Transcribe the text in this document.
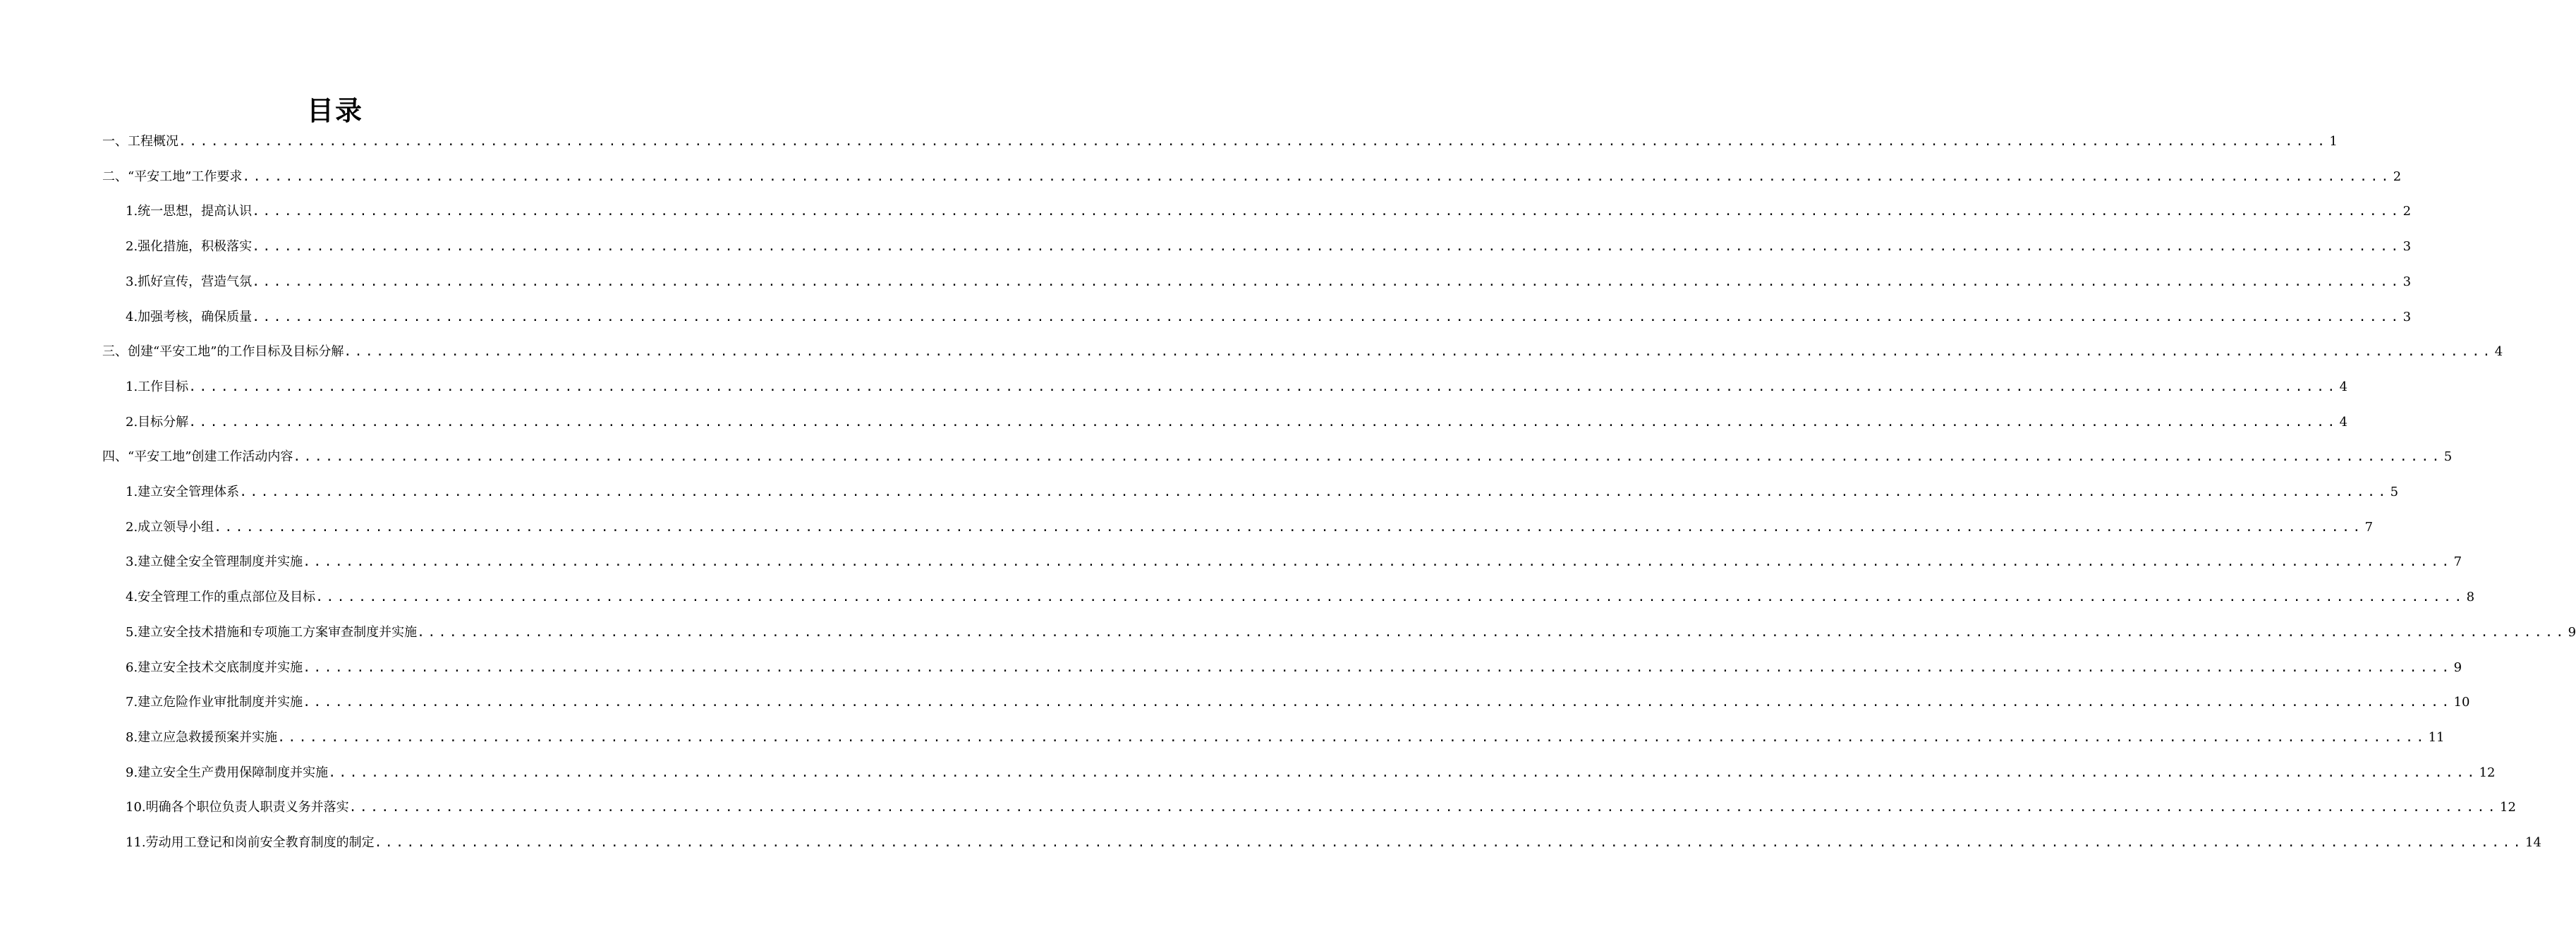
目录
一、工程概况 ........................................................................................................................................................................................................ 1
二、“平安工地”工作要求 ........................................................................................................................................................................................................ 2
1.统一思想，提高认识 ........................................................................................................................................................................................................ 2
2.强化措施，积极落实 ........................................................................................................................................................................................................ 3
3.抓好宣传，营造气氛 ........................................................................................................................................................................................................ 3
4.加强考核，确保质量 ........................................................................................................................................................................................................ 3
三、创建“平安工地”的工作目标及目标分解 ........................................................................................................................................................................................................ 4
1.工作目标 ........................................................................................................................................................................................................ 4
2.目标分解 ........................................................................................................................................................................................................ 4
四、“平安工地”创建工作活动内容 ........................................................................................................................................................................................................ 5
1.建立安全管理体系 ........................................................................................................................................................................................................ 5
2.成立领导小组 ........................................................................................................................................................................................................ 7
3.建立健全安全管理制度并实施 ........................................................................................................................................................................................................ 7
4.安全管理工作的重点部位及目标 ........................................................................................................................................................................................................ 8
5.建立安全技术措施和专项施工方案审查制度并实施 ........................................................................................................................................................................................................ 9
6.建立安全技术交底制度并实施 ........................................................................................................................................................................................................ 9
7.建立危险作业审批制度并实施 ........................................................................................................................................................................................................ 10
8.建立应急救援预案并实施 ........................................................................................................................................................................................................ 11
9.建立安全生产费用保障制度并实施 ........................................................................................................................................................................................................ 12
10.明确各个职位负责人职责义务并落实 ........................................................................................................................................................................................................ 12
11.劳动用工登记和岗前安全教育制度的制定 ........................................................................................................................................................................................................ 14
